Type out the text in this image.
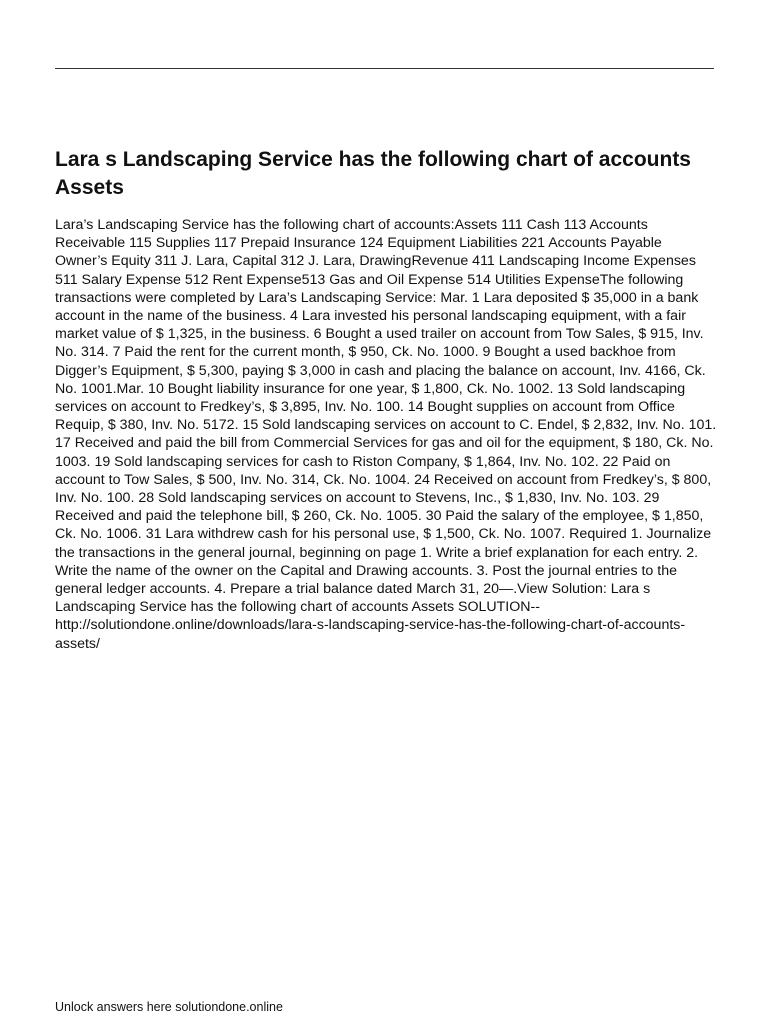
Lara s Landscaping Service has the following chart of accounts Assets

Lara’s Landscaping Service has the following chart of accounts:Assets 111 Cash 113 Accounts Receivable 115 Supplies 117 Prepaid Insurance 124 Equipment Liabilities 221 Accounts Payable Owner’s Equity 311 J. Lara, Capital 312 J. Lara, DrawingRevenue 411 Landscaping Income Expenses 511 Salary Expense 512 Rent Expense513 Gas and Oil Expense 514 Utilities ExpenseThe following transactions were completed by Lara’s Landscaping Service: Mar. 1 Lara deposited $ 35,000 in a bank account in the name of the business. 4 Lara invested his personal landscaping equipment, with a fair market value of $ 1,325, in the business. 6 Bought a used trailer on account from Tow Sales, $ 915, Inv. No. 314. 7 Paid the rent for the current month, $ 950, Ck. No. 1000. 9 Bought a used backhoe from Digger’s Equipment, $ 5,300, paying $ 3,000 in cash and placing the balance on account, Inv. 4166, Ck. No. 1001.Mar. 10 Bought liability insurance for one year, $ 1,800, Ck. No. 1002. 13 Sold landscaping services on account to Fredkey’s, $ 3,895, Inv. No. 100. 14 Bought supplies on account from Office Requip, $ 380, Inv. No. 5172. 15 Sold landscaping services on account to C. Endel, $ 2,832, Inv. No. 101. 17 Received and paid the bill from Commercial Services for gas and oil for the equipment, $ 180, Ck. No. 1003. 19 Sold landscaping services for cash to Riston Company, $ 1,864, Inv. No. 102. 22 Paid on account to Tow Sales, $ 500, Inv. No. 314, Ck. No. 1004. 24 Received on account from Fredkey’s, $ 800, Inv. No. 100. 28 Sold landscaping services on account to Stevens, Inc., $ 1,830, Inv. No. 103. 29 Received and paid the telephone bill, $ 260, Ck. No. 1005. 30 Paid the salary of the employee, $ 1,850, Ck. No. 1006. 31 Lara withdrew cash for his personal use, $ 1,500, Ck. No. 1007. Required 1. Journalize the transactions in the general journal, beginning on page 1. Write a brief explanation for each entry. 2. Write the name of the owner on the Capital and Drawing accounts. 3. Post the journal entries to the general ledger accounts. 4. Prepare a trial balance dated March 31, 20—.View Solution: Lara s Landscaping Service has the following chart of accounts Assets SOLUTION-- http://solutiondone.online/downloads/lara-s-landscaping-service-has-the-following-chart-of-accounts-assets/

Unlock answers here solutiondone.online
